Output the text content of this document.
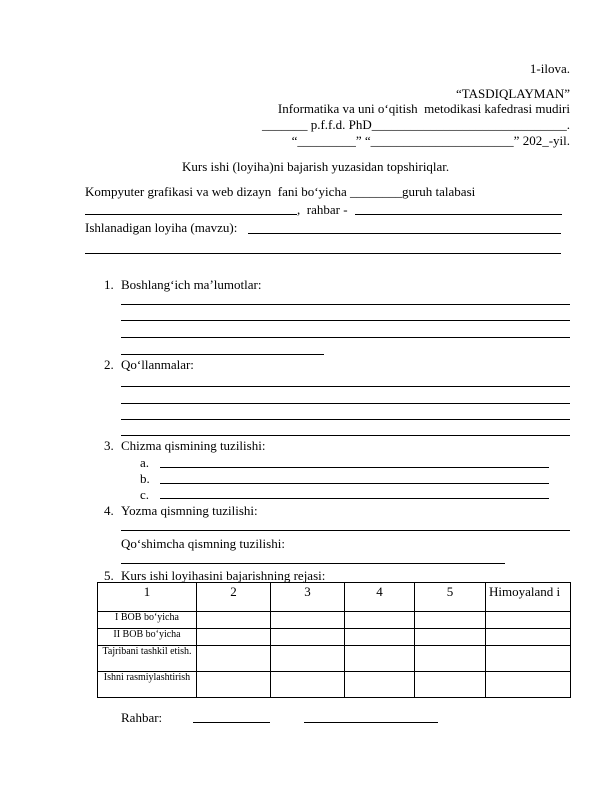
1-ilova.
“TASDIQLAYMAN”
Informatika va uni o‘qitish  metodikasi kafedrasi mudiri
_______ p.f.f.d. PhD______________________________.
“_________” “______________________” 202_-yil.
Kurs ishi (loyiha)ni bajarish yuzasidan topshiriqlar.
Kompyuter grafikasi va web dizayn  fani bo‘yicha ________guruh talabasi
,  rahbar -
Ishlanadigan loyiha (mavzu):
1. Boshlang‘ich ma’lumotlar:
2. Qo‘llanmalar:
3. Chizma qismining tuzilishi:
a.
b.
c.
4. Yozma qismning tuzilishi:
Qo‘shimcha qismning tuzilishi:
5. Kurs ishi loyihasini bajarishning rejasi:
1	2	3	4	5	Himoyaland i
I BOB bo‘yicha					
II BOB bo‘yicha					
Tajribani tashkil etish.					
Ishni rasmiylashtirish					
Rahbar:
